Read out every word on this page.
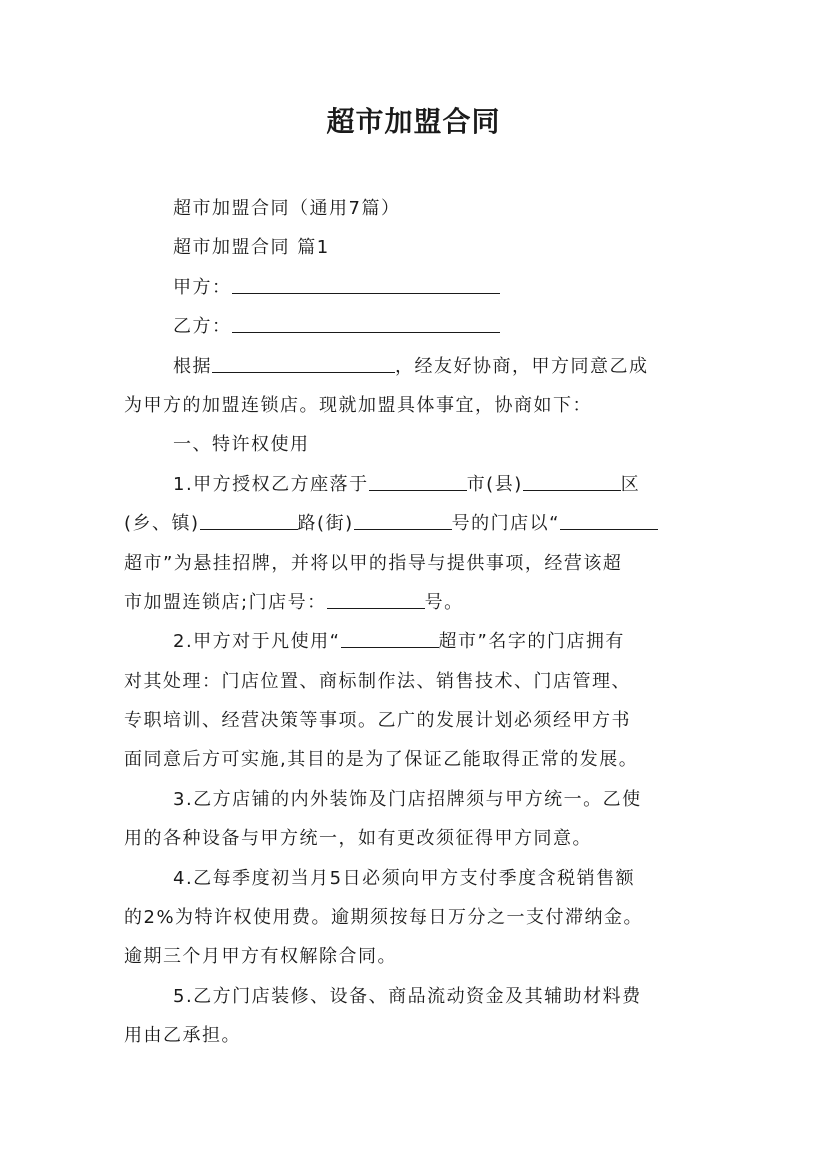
超市加盟合同
超市加盟合同（通用7篇）
超市加盟合同 篇1
甲方：
乙方：
根据	，经友好协商，甲方同意乙成
为甲方的加盟连锁店。现就加盟具体事宜，协商如下：
一、特许权使用
1.甲方授权乙方座落于	市(县)	区
(乡、镇)	路(街)	号的门店以“
超市”为悬挂招牌，并将以甲的指导与提供事项，经营该超
市加盟连锁店;门店号：	号。
2.甲方对于凡使用“	超市”名字的门店拥有
对其处理：门店位置、商标制作法、销售技术、门店管理、
专职培训、经营决策等事项。乙广的发展计划必须经甲方书
面同意后方可实施,其目的是为了保证乙能取得正常的发展。
3.乙方店铺的内外装饰及门店招牌须与甲方统一。乙使
用的各种设备与甲方统一，如有更改须征得甲方同意。
4.乙每季度初当月5日必须向甲方支付季度含税销售额
的2%为特许权使用费。逾期须按每日万分之一支付滞纳金。
逾期三个月甲方有权解除合同。
5.乙方门店装修、设备、商品流动资金及其辅助材料费
用由乙承担。
